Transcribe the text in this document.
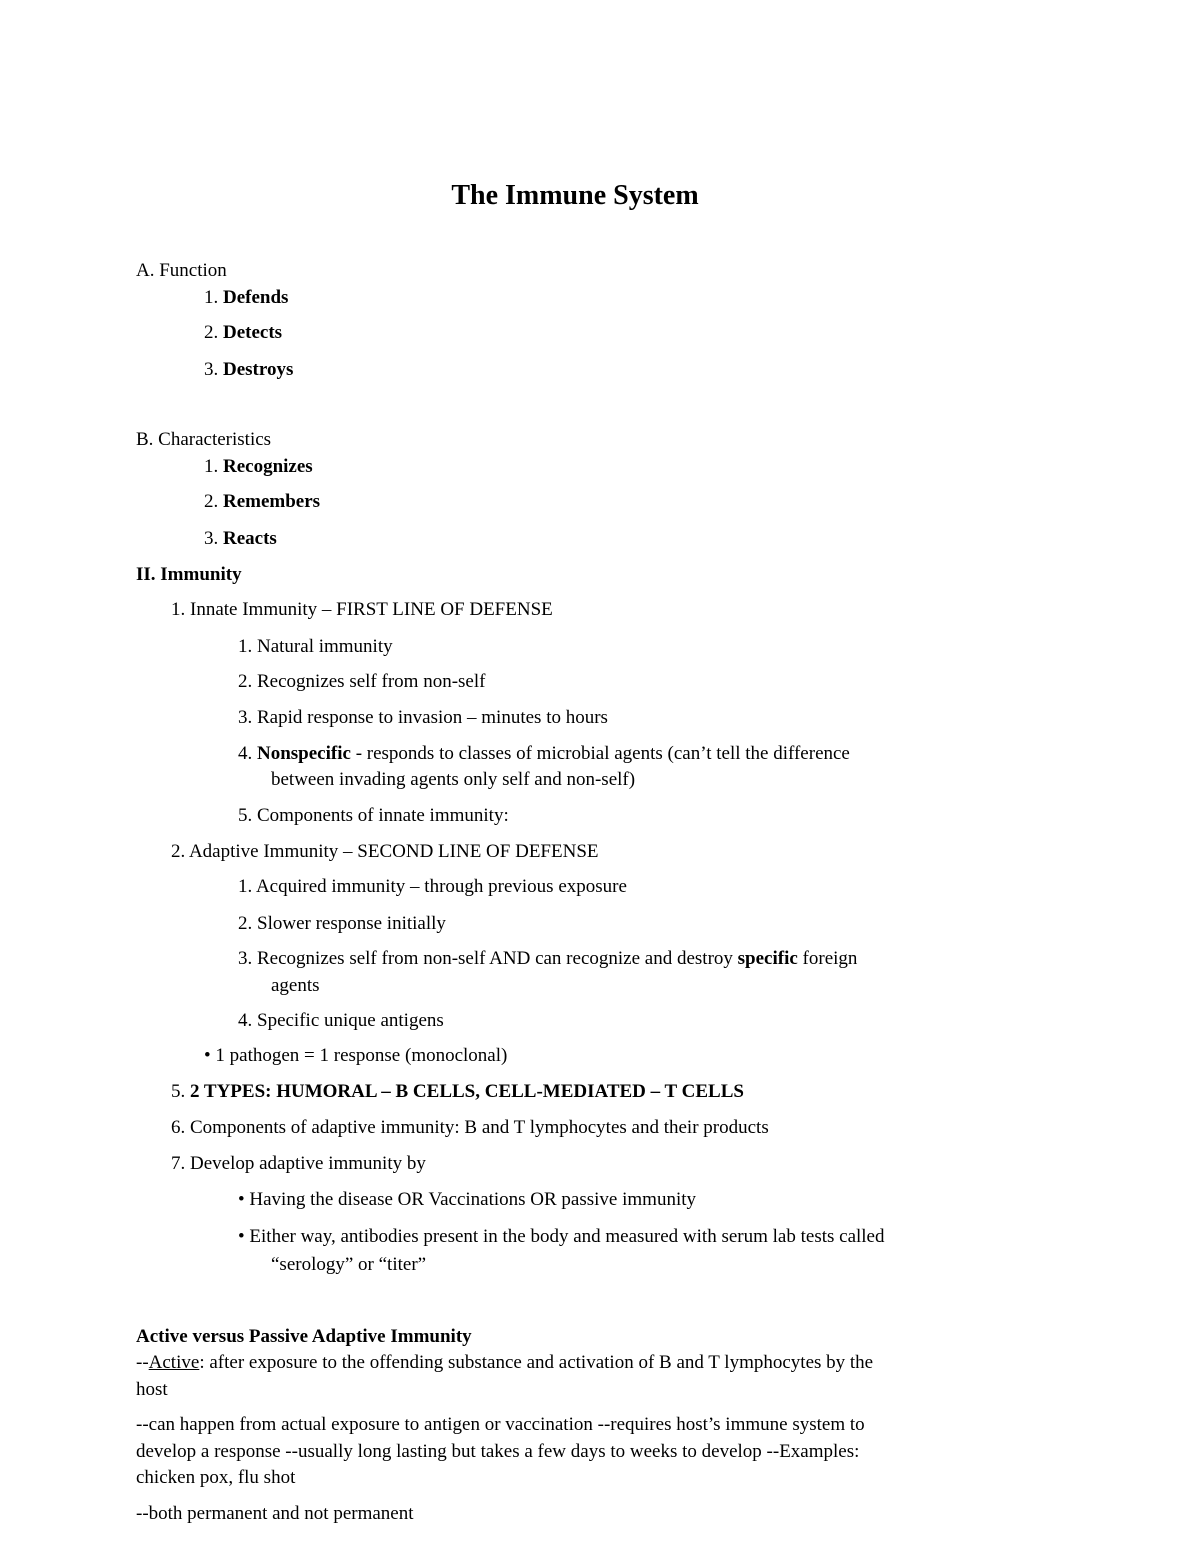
The Immune System
A. Function
1. Defends
2. Detects
3. Destroys
B. Characteristics
1. Recognizes
2. Remembers
3. Reacts
II. Immunity
1. Innate Immunity – FIRST LINE OF DEFENSE
1. Natural immunity
2. Recognizes self from non-self
3. Rapid response to invasion – minutes to hours
4. Nonspecific - responds to classes of microbial agents (can’t tell the difference
between invading agents only self and non-self)
5. Components of innate immunity:
2. Adaptive Immunity – SECOND LINE OF DEFENSE
1. Acquired immunity – through previous exposure
2. Slower response initially
3. Recognizes self from non-self AND can recognize and destroy specific foreign
agents
4. Specific unique antigens
• 1 pathogen = 1 response (monoclonal)
5. 2 TYPES: HUMORAL – B CELLS, CELL-MEDIATED – T CELLS
6. Components of adaptive immunity: B and T lymphocytes and their products
7. Develop adaptive immunity by
• Having the disease OR Vaccinations OR passive immunity
• Either way, antibodies present in the body and measured with serum lab tests called
“serology” or “titer”
Active versus Passive Adaptive Immunity
--Active: after exposure to the offending substance and activation of B and T lymphocytes by the
host
--can happen from actual exposure to antigen or vaccination --requires host’s immune system to
develop a response --usually long lasting but takes a few days to weeks to develop --Examples:
chicken pox, flu shot
--both permanent and not permanent
